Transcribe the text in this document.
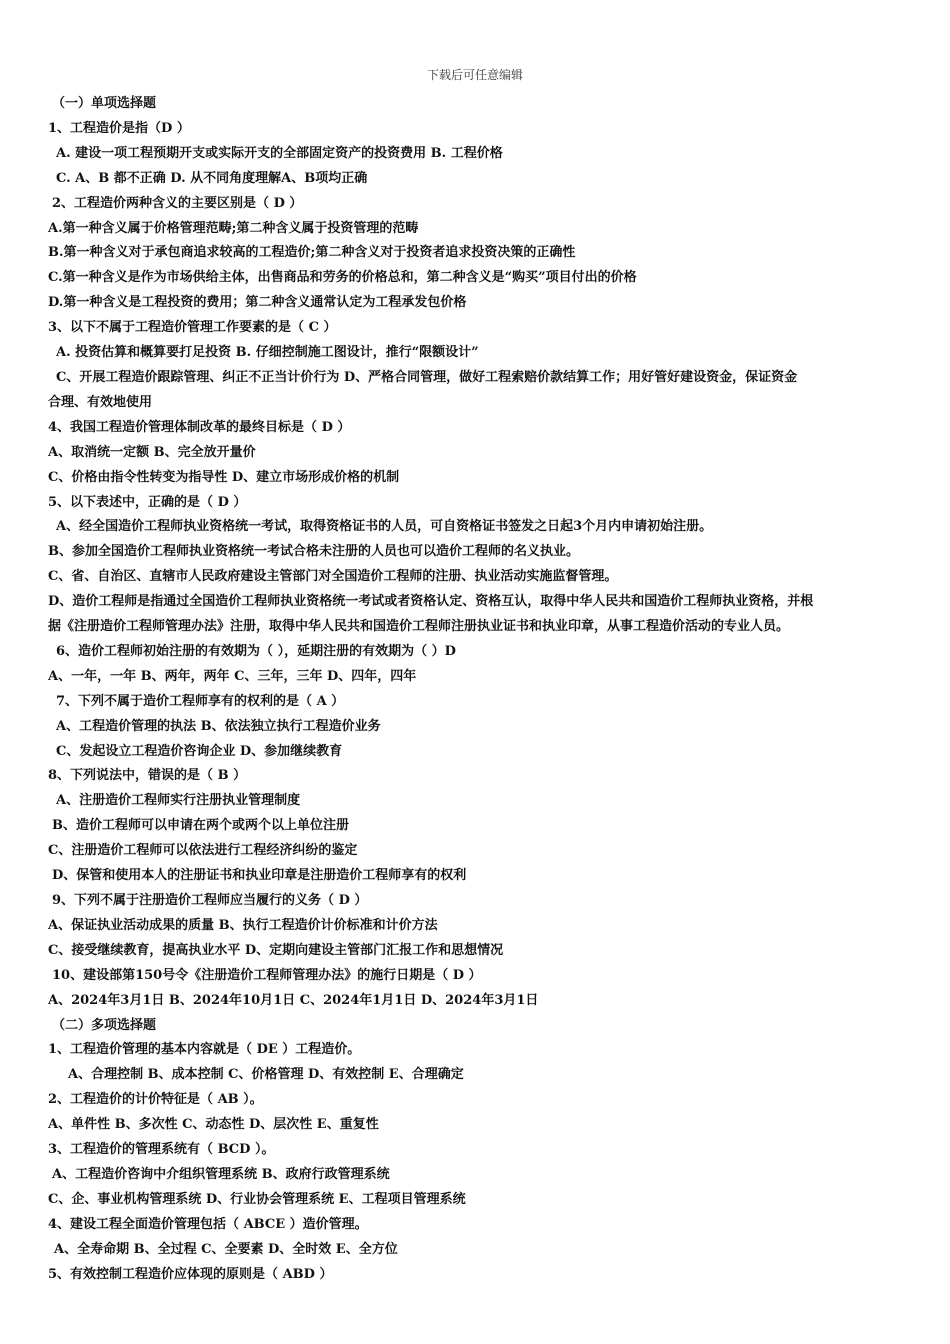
下载后可任意编辑
（一）单项选择题
1、工程造价是指（D ）
A. 建设一项工程预期开支或实际开支的全部固定资产的投资费用 B. 工程价格
C. A、B 都不正确 D. 从不同角度理解A、B项均正确
2、工程造价两种含义的主要区别是（ D ）
A.第一种含义属于价格管理范畴;第二种含义属于投资管理的范畴
B.第一种含义对于承包商追求较高的工程造价;第二种含义对于投资者追求投资决策的正确性
C.第一种含义是作为市场供给主体，出售商品和劳务的价格总和，第二种含义是“购买”项目付出的价格
D.第一种含义是工程投资的费用；第二种含义通常认定为工程承发包价格
3、以下不属于工程造价管理工作要素的是（ C ）
A. 投资估算和概算要打足投资 B. 仔细控制施工图设计，推行“限额设计”
C、开展工程造价跟踪管理、纠正不正当计价行为 D、严格合同管理，做好工程索赔价款结算工作；用好管好建设资金，保证资金
合理、有效地使用
4、我国工程造价管理体制改革的最终目标是（ D ）
A、取消统一定额 B、完全放开量价
C、价格由指令性转变为指导性 D、建立市场形成价格的机制
5、以下表述中，正确的是（ D ）
A、经全国造价工程师执业资格统一考试，取得资格证书的人员，可自资格证书签发之日起3个月内申请初始注册。
B、参加全国造价工程师执业资格统一考试合格未注册的人员也可以造价工程师的名义执业。
C、省、自治区、直辖市人民政府建设主管部门对全国造价工程师的注册、执业活动实施监督管理。
D、造价工程师是指通过全国造价工程师执业资格统一考试或者资格认定、资格互认，取得中华人民共和国造价工程师执业资格，并根
据《注册造价工程师管理办法》注册，取得中华人民共和国造价工程师注册执业证书和执业印章，从事工程造价活动的专业人员。
6、造价工程师初始注册的有效期为（ ），延期注册的有效期为（ ）D
A、一年，一年 B、两年，两年 C、三年，三年 D、四年，四年
7、下列不属于造价工程师享有的权利的是（ A ）
A、工程造价管理的执法 B、依法独立执行工程造价业务
C、发起设立工程造价咨询企业 D、参加继续教育
8、下列说法中，错误的是（ B ）
A、注册造价工程师实行注册执业管理制度
B、造价工程师可以申请在两个或两个以上单位注册
C、注册造价工程师可以依法进行工程经济纠纷的鉴定
D、保管和使用本人的注册证书和执业印章是注册造价工程师享有的权利
9、下列不属于注册造价工程师应当履行的义务（ D ）
A、保证执业活动成果的质量 B、执行工程造价计价标准和计价方法
C、接受继续教育，提高执业水平 D、定期向建设主管部门汇报工作和思想情况
10、建设部第150号令《注册造价工程师管理办法》的施行日期是（ D ）
A、2024年3月1日 B、2024年10月1日 C、2024年1月1日 D、2024年3月1日
（二）多项选择题
1、工程造价管理的基本内容就是（ DE ）工程造价。
A、合理控制 B、成本控制 C、价格管理 D、有效控制 E、合理确定
2、工程造价的计价特征是（ AB ）。
A、单件性 B、多次性 C、动态性 D、层次性 E、重复性
3、工程造价的管理系统有（ BCD ）。
A、工程造价咨询中介组织管理系统 B、政府行政管理系统
C、企、事业机构管理系统 D、行业协会管理系统 E、工程项目管理系统
4、建设工程全面造价管理包括（ ABCE ）造价管理。
A、全寿命期 B、全过程 C、全要素 D、全时效 E、全方位
5、有效控制工程造价应体现的原则是（ ABD ）
